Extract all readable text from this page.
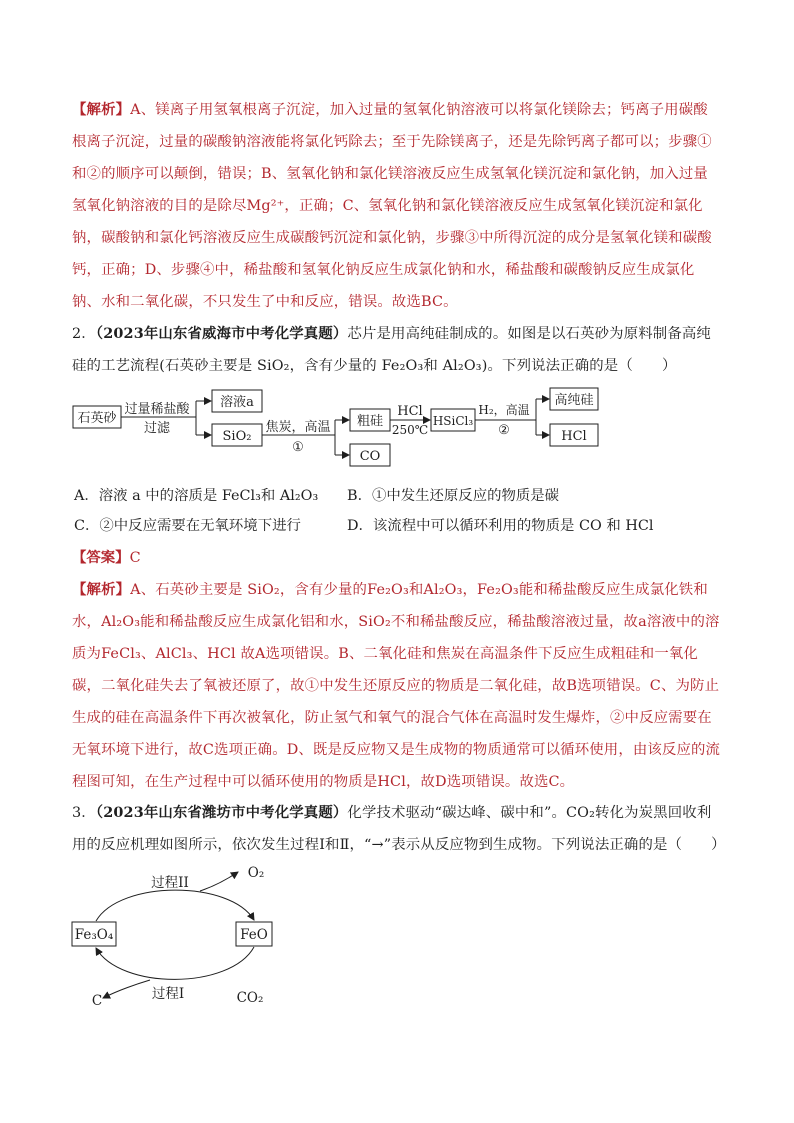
【解析】A、镁离子用氢氧根离子沉淀，加入过量的氢氧化钠溶液可以将氯化镁除去；钙离子用碳酸根离子沉淀，过量的碳酸钠溶液能将氯化钙除去；至于先除镁离子，还是先除钙离子都可以；步骤①和②的顺序可以颠倒，错误；B、氢氧化钠和氯化镁溶液反应生成氢氧化镁沉淀和氯化钠，加入过量氢氧化钠溶液的目的是除尽Mg²⁺，正确；C、氢氧化钠和氯化镁溶液反应生成氢氧化镁沉淀和氯化钠，碳酸钠和氯化钙溶液反应生成碳酸钙沉淀和氯化钠，步骤③中所得沉淀的成分是氢氧化镁和碳酸钙，正确；D、步骤④中，稀盐酸和氢氧化钠反应生成氯化钠和水，稀盐酸和碳酸钠反应生成氯化钠、水和二氧化碳，不只发生了中和反应，错误。故选BC。
2．（2023年山东省威海市中考化学真题）芯片是用高纯硅制成的。如图是以石英砂为原料制备高纯硅的工艺流程(石英砂主要是 SiO₂，含有少量的 Fe₂O₃和 Al₂O₃)。下列说法正确的是（　　）
石英砂
过量稀盐酸
过滤
溶液a
SiO₂
焦炭，高温
①
粗硅
CO
HCl
250℃
HSiCl₃
H₂，高温
②
高纯硅
HCl
A．溶液 a 中的溶质是 FeCl₃和 Al₂O₃ B．①中发生还原反应的物质是碳
C．②中反应需要在无氧环境下进行	D．该流程中可以循环利用的物质是 CO 和 HCl
【答案】C
【解析】A、石英砂主要是 SiO₂，含有少量的Fe₂O₃和Al₂O₃，Fe₂O₃能和稀盐酸反应生成氯化铁和水，Al₂O₃能和稀盐酸反应生成氯化铝和水，SiO₂不和稀盐酸反应，稀盐酸溶液过量，故a溶液中的溶质为FeCl₃、AlCl₃、HCl 故A选项错误。B、二氧化硅和焦炭在高温条件下反应生成粗硅和一氧化碳，二氧化硅失去了氧被还原了，故①中发生还原反应的物质是二氧化硅，故B选项错误。C、为防止生成的硅在高温条件下再次被氧化，防止氢气和氧气的混合气体在高温时发生爆炸，②中反应需要在无氧环境下进行，故C选项正确。D、既是反应物又是生成物的物质通常可以循环使用，由该反应的流程图可知，在生产过程中可以循环使用的物质是HCl，故D选项错误。故选C。
3．（2023年山东省潍坊市中考化学真题）化学技术驱动“碳达峰、碳中和”。CO₂转化为炭黑回收利用的反应机理如图所示，依次发生过程Ⅰ和Ⅱ，“→”表示从反应物到生成物。下列说法正确的是（　　）
过程II
O₂
Fe₃O₄	FeO
过程I
C	CO₂
